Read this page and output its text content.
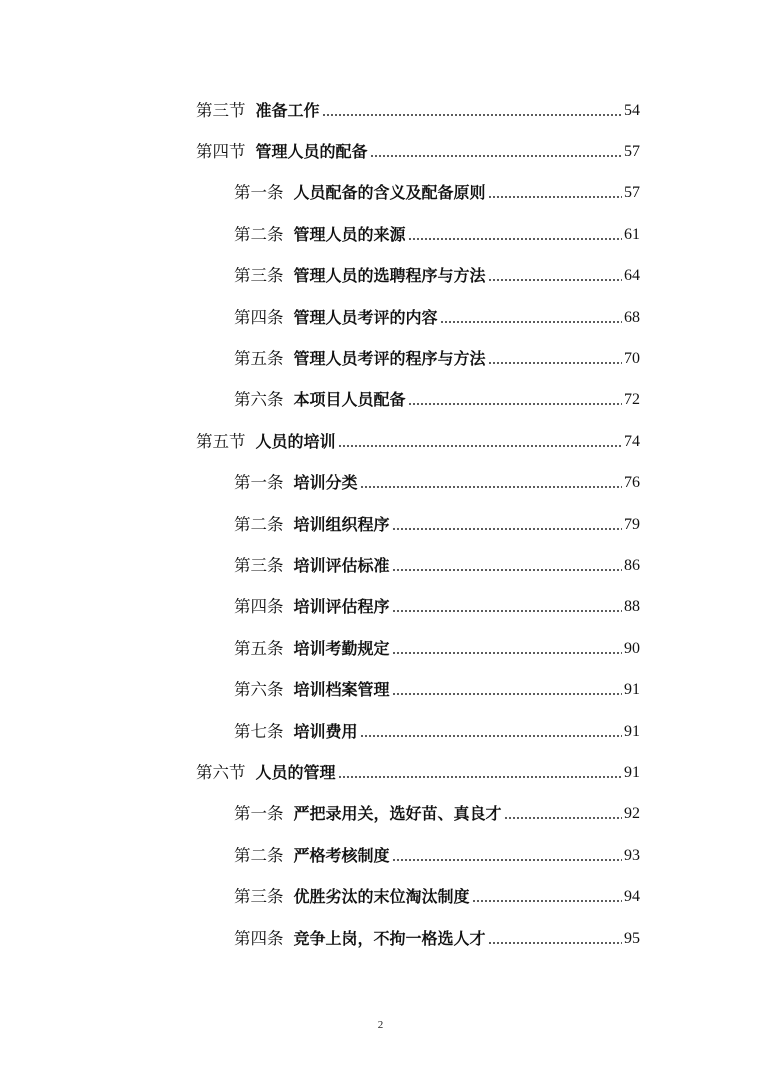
第三节 准备工作	54
第四节 管理人员的配备	57
第一条 人员配备的含义及配备原则	57
第二条 管理人员的来源	61
第三条 管理人员的选聘程序与方法	64
第四条 管理人员考评的内容	68
第五条 管理人员考评的程序与方法	70
第六条 本项目人员配备	72
第五节 人员的培训	74
第一条 培训分类	76
第二条 培训组织程序	79
第三条 培训评估标准	86
第四条 培训评估程序	88
第五条 培训考勤规定	90
第六条 培训档案管理	91
第七条 培训费用	91
第六节 人员的管理	91
第一条 严把录用关，选好苗、真良才	92
第二条 严格考核制度	93
第三条 优胜劣汰的末位淘汰制度	94
第四条 竞争上岗，不拘一格选人才	95
2
